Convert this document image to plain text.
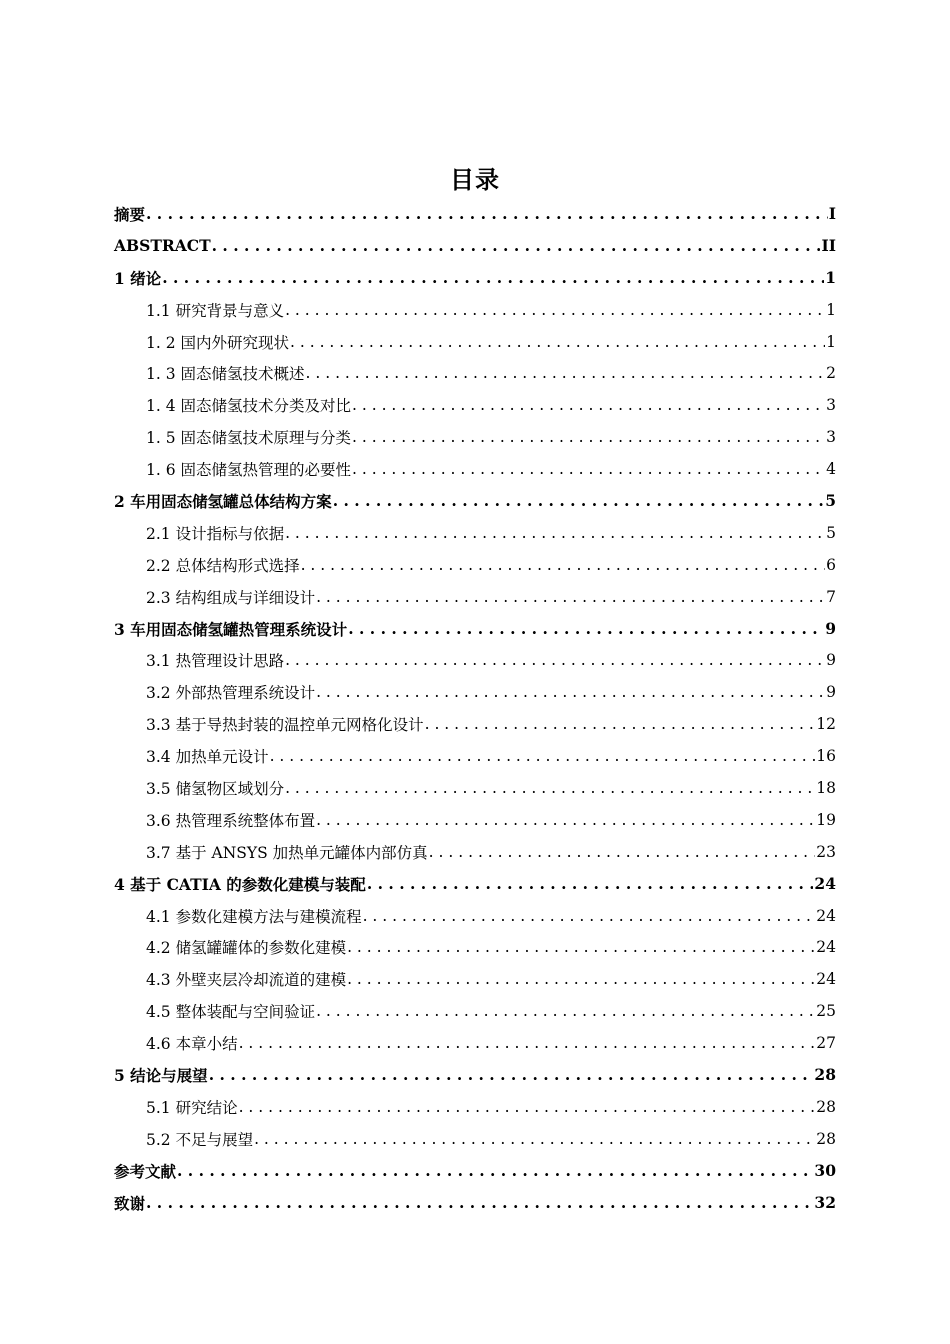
目录
摘要 . . .	I
ABSTRACT . . .	II
1 绪论 . . .	1
1.1 研究背景与意义 . . .	1
1. 2 国内外研究现状 . . .	1
1. 3 固态储氢技术概述 . . .	2
1. 4 固态储氢技术分类及对比 . . .	3
1. 5 固态储氢技术原理与分类 . . .	3
1. 6 固态储氢热管理的必要性 . . .	4
2 车用固态储氢罐总体结构方案 . . .	5
2.1 设计指标与依据 . . .	5
2.2 总体结构形式选择 . . .	6
2.3 结构组成与详细设计 . . .	7
3 车用固态储氢罐热管理系统设计 . . .	9
3.1 热管理设计思路 . . .	9
3.2 外部热管理系统设计 . . .	9
3.3 基于导热封装的温控单元网格化设计 . . .	12
3.4 加热单元设计 . . .	16
3.5 储氢物区域划分 . . .	18
3.6 热管理系统整体布置 . . .	19
3.7 基于 ANSYS 加热单元罐体内部仿真 . . .	23
4 基于 CATIA 的参数化建模与装配 . . .	24
4.1 参数化建模方法与建模流程 . . .	24
4.2 储氢罐罐体的参数化建模 . . .	24
4.3 外壁夹层冷却流道的建模 . . .	24
4.5 整体装配与空间验证 . . .	25
4.6 本章小结 . . .	27
5 结论与展望 . . .	28
5.1 研究结论 . . .	28
5.2 不足与展望 . . .	28
参考文献 . . .	30
致谢 . . .	32
